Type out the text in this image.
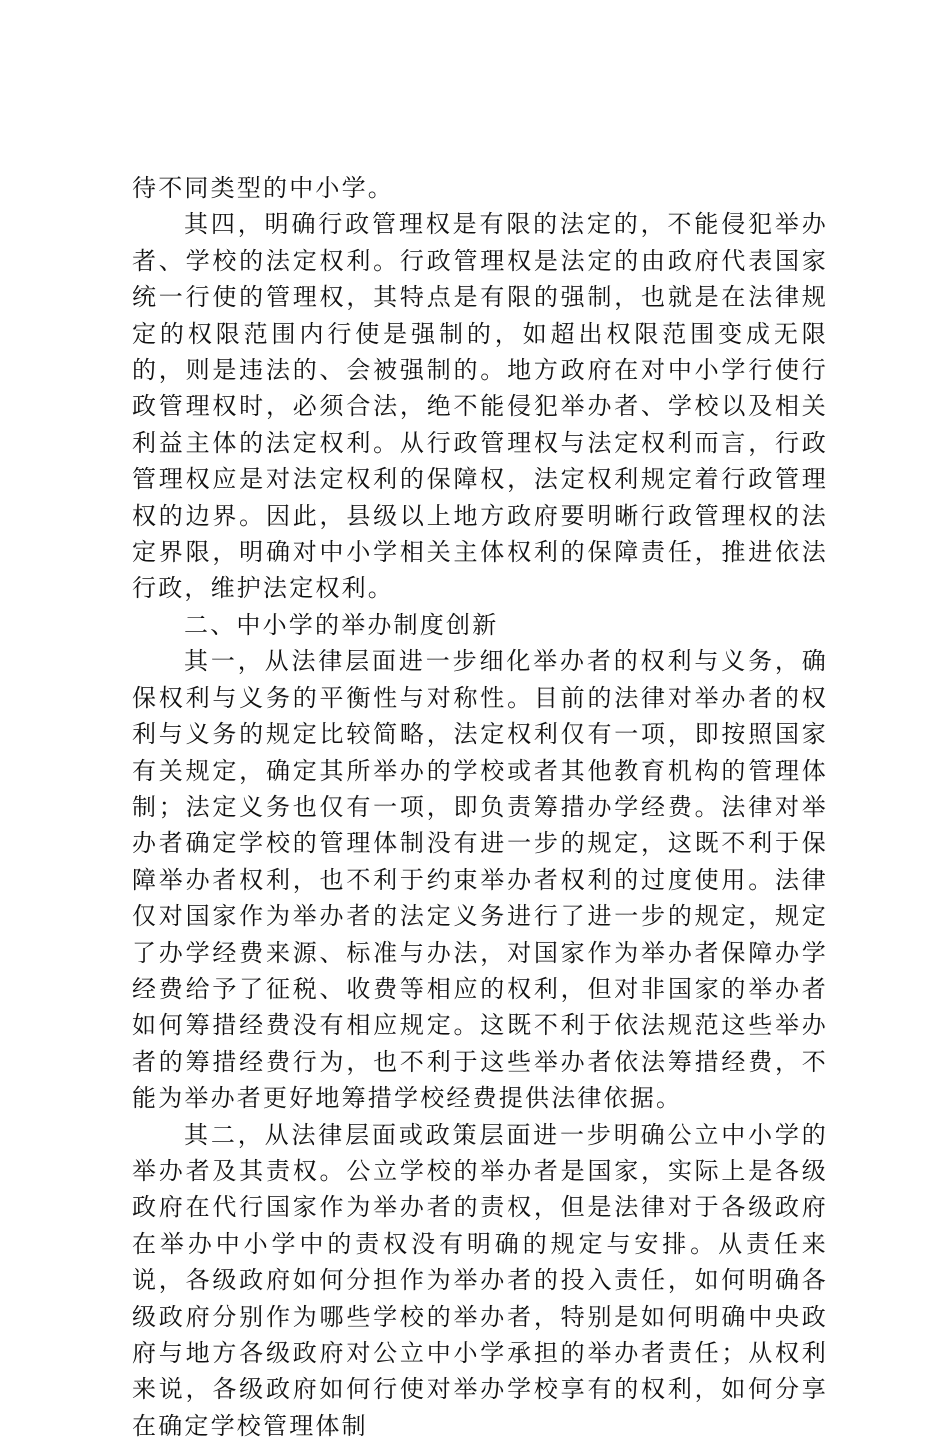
待不同类型的中小学。

其四，明确行政管理权是有限的法定的，不能侵犯举办者、学校的法定权利。行政管理权是法定的由政府代表国家统一行使的管理权，其特点是有限的强制，也就是在法律规定的权限范围内行使是强制的，如超出权限范围变成无限的，则是违法的、会被强制的。地方政府在对中小学行使行政管理权时，必须合法，绝不能侵犯举办者、学校以及相关利益主体的法定权利。从行政管理权与法定权利而言，行政管理权应是对法定权利的保障权，法定权利规定着行政管理权的边界。因此，县级以上地方政府要明晰行政管理权的法定界限，明确对中小学相关主体权利的保障责任，推进依法行政，维护法定权利。

二、中小学的举办制度创新

其一，从法律层面进一步细化举办者的权利与义务，确保权利与义务的平衡性与对称性。目前的法律对举办者的权利与义务的规定比较简略，法定权利仅有一项，即按照国家有关规定，确定其所举办的学校或者其他教育机构的管理体制；法定义务也仅有一项，即负责筹措办学经费。法律对举办者确定学校的管理体制没有进一步的规定，这既不利于保障举办者权利，也不利于约束举办者权利的过度使用。法律仅对国家作为举办者的法定义务进行了进一步的规定，规定了办学经费来源、标准与办法，对国家作为举办者保障办学经费给予了征税、收费等相应的权利，但对非国家的举办者如何筹措经费没有相应规定。这既不利于依法规范这些举办者的筹措经费行为，也不利于这些举办者依法筹措经费，不能为举办者更好地筹措学校经费提供法律依据。

其二，从法律层面或政策层面进一步明确公立中小学的举办者及其责权。公立学校的举办者是国家，实际上是各级政府在代行国家作为举办者的责权，但是法律对于各级政府在举办中小学中的责权没有明确的规定与安排。从责任来说，各级政府如何分担作为举办者的投入责任，如何明确各级政府分别作为哪些学校的举办者，特别是如何明确中央政府与地方各级政府对公立中小学承担的举办者责任；从权利来说，各级政府如何行使对举办学校享有的权利，如何分享在确定学校管理体制
